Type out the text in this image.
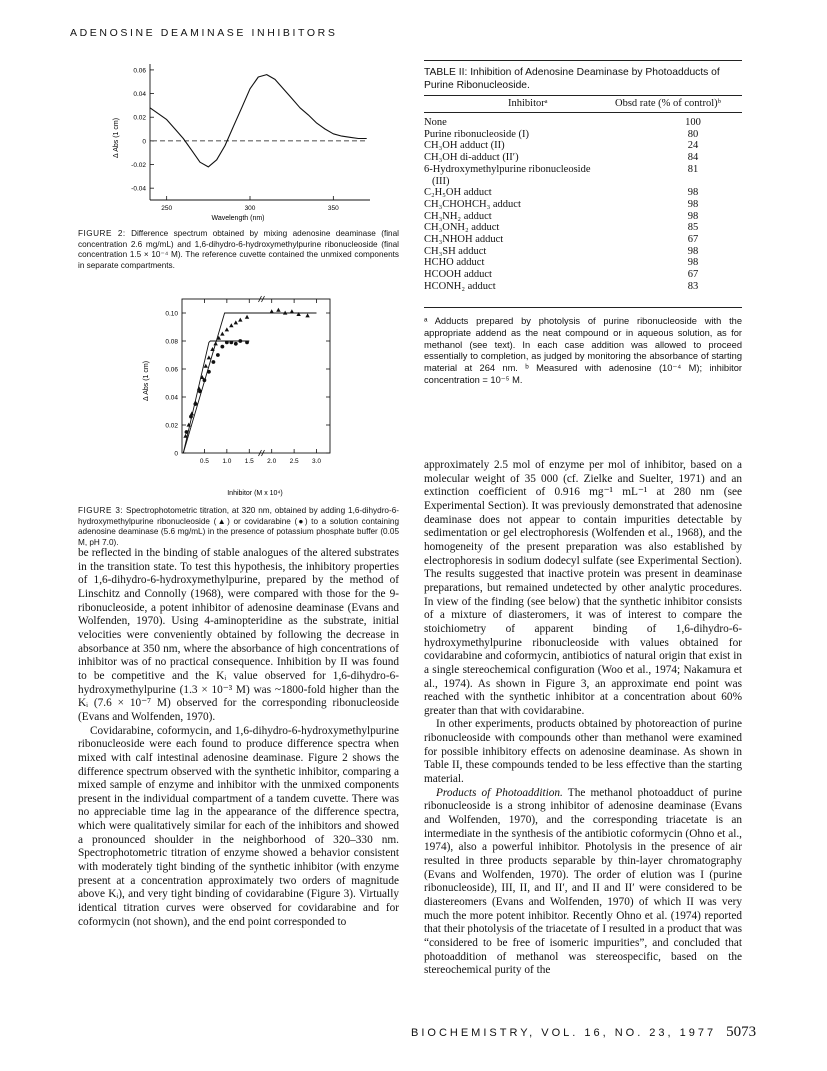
ADENOSINE DEAMINASE INHIBITORS
0.06
0.04
0.02
0
-0.02
-0.04
250	300	350
Δ Abs (1 cm)
Wavelength (nm)
FIGURE 2: Difference spectrum obtained by mixing adenosine deaminase (final concentration 2.6 mg/mL) and 1,6-dihydro-6-hydroxymethylpurine ribonucleoside (final concentration 1.5 × 10⁻⁴ M). The reference cuvette contained the unmixed components in separate compartments.
0
0.02
0.04
0.06
0.08
0.10
0.5 1.0 1.5 2.0 2.5 3.0
Δ Abs (1 cm)
Inhibitor (M x 10⁴)
FIGURE 3: Spectrophotometric titration, at 320 nm, obtained by adding 1,6-dihydro-6-hydroxymethylpurine ribonucleoside (▲) or covidarabine (●) to a solution containing adenosine deaminase (5.6 mg/mL) in the presence of potassium phosphate buffer (0.05 M, pH 7.0).

be reflected in the binding of stable analogues of the altered substrates in the transition state. To test this hypothesis, the inhibitory properties of 1,6-dihydro-6-hydroxymethylpurine, prepared by the method of Linschitz and Connolly (1968), were compared with those for the 9-ribonucleoside, a potent inhibitor of adenosine deaminase (Evans and Wolfenden, 1970). Using 4-aminopteridine as the substrate, initial velocities were conveniently obtained by following the decrease in absorbance at 350 nm, where the absorbance of high concentrations of inhibitor was of no practical consequence. Inhibition by II was found to be competitive and the Kᵢ value observed for 1,6-dihydro-6-hydroxymethylpurine (1.3 × 10⁻³ M) was ~1800-fold higher than the Kᵢ (7.6 × 10⁻⁷ M) observed for the corresponding ribonucleoside (Evans and Wolfenden, 1970).

Covidarabine, coformycin, and 1,6-dihydro-6-hydroxymethylpurine ribonucleoside were each found to produce difference spectra when mixed with calf intestinal adenosine deaminase. Figure 2 shows the difference spectrum observed with the synthetic inhibitor, comparing a mixed sample of enzyme and inhibitor with the unmixed components present in the individual compartment of a tandem cuvette. There was no appreciable time lag in the appearance of the difference spectra, which were qualitatively similar for each of the inhibitors and showed a pronounced shoulder in the neighborhood of 320–330 nm. Spectrophotometric titration of enzyme showed a behavior consistent with moderately tight binding of the synthetic inhibitor (with enzyme present at a concentration approximately two orders of magnitude above Kᵢ), and very tight binding of covidarabine (Figure 3). Virtually identical titration curves were observed for covidarabine and for coformycin (not shown), and the end point corresponded to

TABLE II: Inhibition of Adenosine Deaminase by Photoadducts of Purine Ribonucleoside.
Inhibitorᵃ	Obsd rate (% of control)ᵇ
None	100
Purine ribonucleoside (I)	80
CH₃OH adduct (II)	24
CH₃OH di-adduct (II′)	84
6-Hydroxymethylpurine ribonucleoside
(III)	81
C₂H₅OH adduct	98
CH₃CHOHCH₃ adduct	98
CH₃NH₂ adduct	98
CH₃ONH₂ adduct	85
CH₃NHOH adduct	67
CH₃SH adduct	98
HCHO adduct	98
HCOOH adduct	67
HCONH₂ adduct	83
ᵃ Adducts prepared by photolysis of purine ribonucleoside with the appropriate addend as the neat compound or in aqueous solution, as for methanol (see text). In each case addition was allowed to proceed essentially to completion, as judged by monitoring the absorbance of starting material at 264 nm. ᵇ Measured with adenosine (10⁻⁴ M); inhibitor concentration = 10⁻⁵ M.

approximately 2.5 mol of enzyme per mol of inhibitor, based on a molecular weight of 35 000 (cf. Zielke and Suelter, 1971) and an extinction coefficient of 0.916 mg⁻¹ mL⁻¹ at 280 nm (see Experimental Section). It was previously demonstrated that adenosine deaminase does not appear to contain impurities detectable by sedimentation or gel electrophoresis (Wolfenden et al., 1968), and the homogeneity of the present preparation was also established by electrophoresis in sodium dodecyl sulfate (see Experimental Section). The results suggested that inactive protein was present in deaminase preparations, but remained undetected by other analytic procedures. In view of the finding (see below) that the synthetic inhibitor consists of a mixture of diasteromers, it was of interest to compare the stoichiometry of apparent binding of 1,6-dihydro-6-hydroxymethylpurine ribonucleoside with values obtained for covidarabine and coformycin, antibiotics of natural origin that exist in a single stereochemical configuration (Woo et al., 1974; Nakamura et al., 1974). As shown in Figure 3, an approximate end point was reached with the synthetic inhibitor at a concentration about 60% greater than that with covidarabine.

In other experiments, products obtained by photoreaction of purine ribonucleoside with compounds other than methanol were examined for possible inhibitory effects on adenosine deaminase. As shown in Table II, these compounds tended to be less effective than the starting material.

Products of Photoaddition. The methanol photoadduct of purine ribonucleoside is a strong inhibitor of adenosine deaminase (Evans and Wolfenden, 1970), and the corresponding triacetate is an intermediate in the synthesis of the antibiotic coformycin (Ohno et al., 1974), also a powerful inhibitor. Photolysis in the presence of air resulted in three products separable by thin-layer chromatography (Evans and Wolfenden, 1970). The order of elution was I (purine ribonucleoside), III, II, and II′, and II and II′ were considered to be diastereomers (Evans and Wolfenden, 1970) of which II was very much the more potent inhibitor. Recently Ohno et al. (1974) reported that their photolysis of the triacetate of I resulted in a product that was “considered to be free of isomeric impurities”, and concluded that photoaddition of methanol was stereospecific, based on the stereochemical purity of the

BIOCHEMISTRY, VOL. 16, NO. 23, 1977 5073
